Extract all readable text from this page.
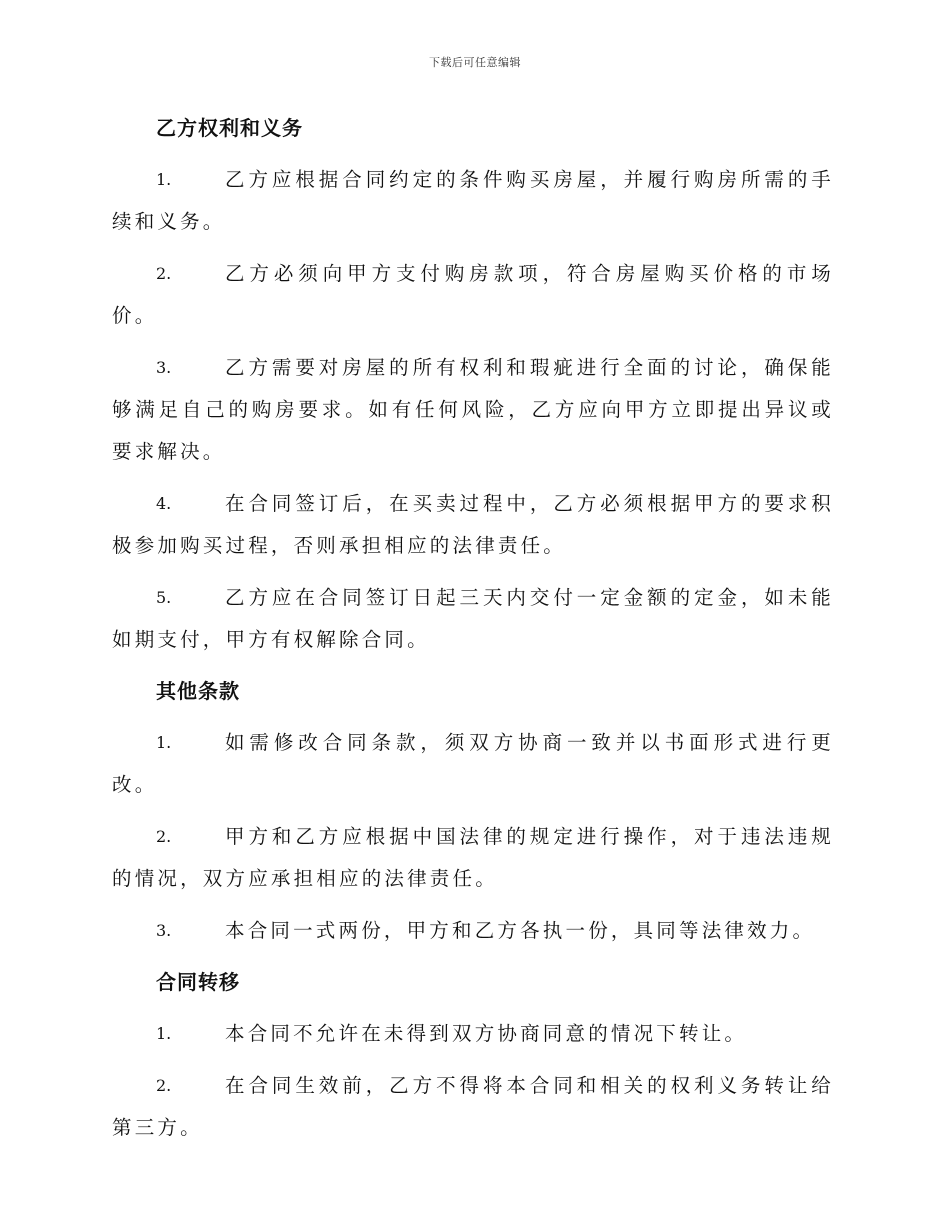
下载后可任意编辑
乙方权利和义务

1.	乙方应根据合同约定的条件购买房屋，并履行购房所需的手续和义务。

2.	乙方必须向甲方支付购房款项，符合房屋购买价格的市场价。

3.	乙方需要对房屋的所有权利和瑕疵进行全面的讨论，确保能够满足自己的购房要求。如有任何风险，乙方应向甲方立即提出异议或要求解决。

4.	在合同签订后，在买卖过程中，乙方必须根据甲方的要求积极参加购买过程，否则承担相应的法律责任。

5.	乙方应在合同签订日起三天内交付一定金额的定金，如未能如期支付，甲方有权解除合同。

其他条款

1.	如需修改合同条款，须双方协商一致并以书面形式进行更改。

2.	甲方和乙方应根据中国法律的规定进行操作，对于违法违规的情况，双方应承担相应的法律责任。

3.	本合同一式两份，甲方和乙方各执一份，具同等法律效力。

合同转移

1.	本合同不允许在未得到双方协商同意的情况下转让。

2.	在合同生效前，乙方不得将本合同和相关的权利义务转让给第三方。
